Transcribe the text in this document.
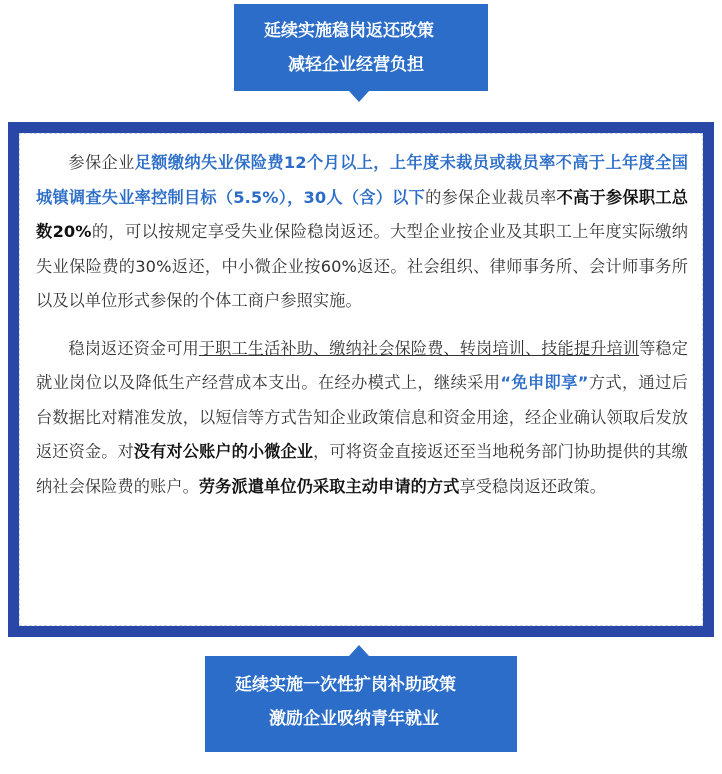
延续实施稳岗返还政策
减轻企业经营负担

参保企业足额缴纳失业保险费12个月以上，上年度未裁员或裁员率不高于上年度全国城镇调查失业率控制目标（5.5%），30人（含）以下的参保企业裁员率不高于参保职工总数20%的，可以按规定享受失业保险稳岗返还。大型企业按企业及其职工上年度实际缴纳失业保险费的30%返还，中小微企业按60%返还。社会组织、律师事务所、会计师事务所以及以单位形式参保的个体工商户参照实施。

稳岗返还资金可用于职工生活补助、缴纳社会保险费、转岗培训、技能提升培训等稳定就业岗位以及降低生产经营成本支出。在经办模式上，继续采用“免申即享”方式，通过后台数据比对精准发放，以短信等方式告知企业政策信息和资金用途，经企业确认领取后发放返还资金。对没有对公账户的小微企业，可将资金直接返还至当地税务部门协助提供的其缴纳社会保险费的账户。劳务派遣单位仍采取主动申请的方式享受稳岗返还政策。

延续实施一次性扩岗补助政策
激励企业吸纳青年就业
